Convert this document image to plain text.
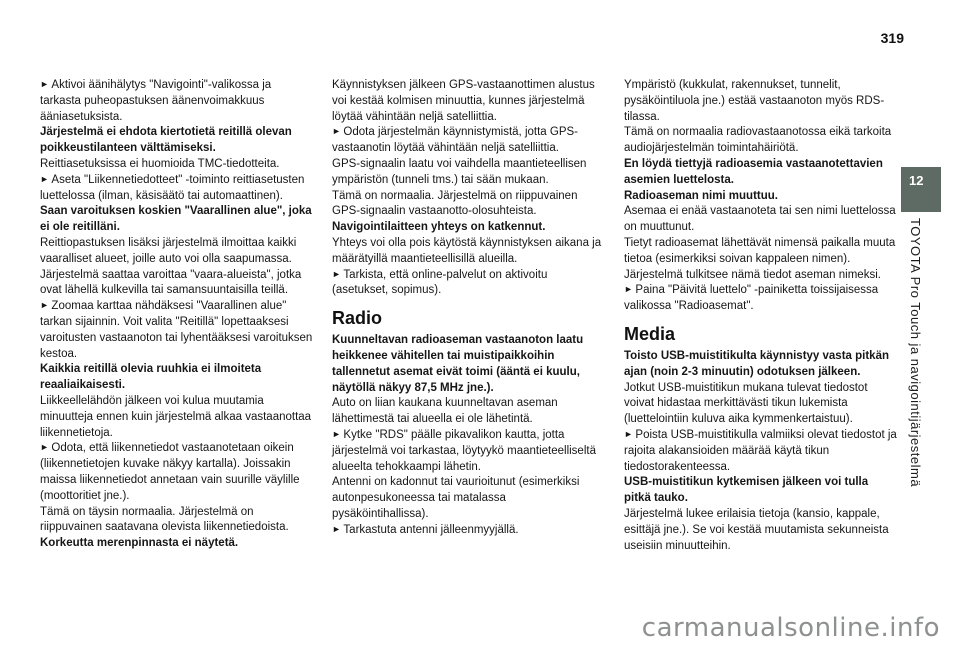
319

► Aktivoi äänihälytys "Navigointi"-valikossa ja tarkasta puheopastuksen äänenvoimakkuus ääniasetuksista.

Järjestelmä ei ehdota kiertotietä reitillä olevan poikkeustilanteen välttämiseksi.

Reittiasetuksissa ei huomioida TMC-tiedotteita.

► Aseta "Liikennetiedotteet" -toiminto reittiasetusten luettelossa (ilman, käsisäätö tai automaattinen).

Saan varoituksen koskien "Vaarallinen alue", joka ei ole reitilläni.

Reittiopastuksen lisäksi järjestelmä ilmoittaa kaikki vaaralliset alueet, joille auto voi olla saapumassa. Järjestelmä saattaa varoittaa "vaara-alueista", jotka ovat lähellä kulkevilla tai samansuuntaisilla teillä.

► Zoomaa karttaa nähdäksesi "Vaarallinen alue" tarkan sijainnin. Voit valita "Reitillä" lopettaaksesi varoitusten vastaanoton tai lyhentääksesi varoituksen kestoa.

Kaikkia reitillä olevia ruuhkia ei ilmoiteta reaaliaikaisesti.

Liikkeellelähdön jälkeen voi kulua muutamia minuutteja ennen kuin järjestelmä alkaa vastaanottaa liikennetietoja.

► Odota, että liikennetiedot vastaanotetaan oikein (liikennetietojen kuvake näkyy kartalla). Joissakin maissa liikennetiedot annetaan vain suurille väylille (moottoritiet jne.).

Tämä on täysin normaalia. Järjestelmä on riippuvainen saatavana olevista liikennetiedoista.

Korkeutta merenpinnasta ei näytetä.

Käynnistyksen jälkeen GPS-vastaanottimen alustus voi kestää kolmisen minuuttia, kunnes järjestelmä löytää vähintään neljä satelliittia.

► Odota järjestelmän käynnistymistä, jotta GPS-vastaanotin löytää vähintään neljä satelliittia.

GPS-signaalin laatu voi vaihdella maantieteellisen ympäristön (tunneli tms.) tai sään mukaan.

Tämä on normaalia. Järjestelmä on riippuvainen GPS-signaalin vastaanotto-olosuhteista.

Navigointilaitteen yhteys on katkennut.

Yhteys voi olla pois käytöstä käynnistyksen aikana ja määrätyillä maantieteellisillä alueilla.

► Tarkista, että online-palvelut on aktivoitu (asetukset, sopimus).

Radio

Kuunneltavan radioaseman vastaanoton laatu heikkenee vähitellen tai muistipaikkoihin tallennetut asemat eivät toimi (ääntä ei kuulu, näytöllä näkyy 87,5 MHz jne.).

Auto on liian kaukana kuunneltavan aseman lähettimestä tai alueella ei ole lähetintä.

► Kytke "RDS" päälle pikavalikon kautta, jotta järjestelmä voi tarkastaa, löytyykö maantieteelliseltä alueelta tehokkaampi lähetin.

Antenni on kadonnut tai vaurioitunut (esimerkiksi autonpesukoneessa tai matalassa pysäköintihallissa).

► Tarkastuta antenni jälleenmyyjällä.

Ympäristö (kukkulat, rakennukset, tunnelit, pysäköintiluola jne.) estää vastaanoton myös RDS-tilassa.

Tämä on normaalia radiovastaanotossa eikä tarkoita audiojärjestelmän toimintahäiriötä.

En löydä tiettyjä radioasemia vastaanotettavien asemien luettelosta.

Radioaseman nimi muuttuu.

Asemaa ei enää vastaanoteta tai sen nimi luettelossa on muuttunut.

Tietyt radioasemat lähettävät nimensä paikalla muuta tietoa (esimerkiksi soivan kappaleen nimen).

Järjestelmä tulkitsee nämä tiedot aseman nimeksi.

► Paina "Päivitä luettelo" -painiketta toissijaisessa valikossa "Radioasemat".

Media

Toisto USB-muistitikulta käynnistyy vasta pitkän ajan (noin 2-3 minuutin) odotuksen jälkeen.

Jotkut USB-muistitikun mukana tulevat tiedostot voivat hidastaa merkittävästi tikun lukemista (luettelointiin kuluva aika kymmenkertaistuu).

► Poista USB-muistitikulla valmiiksi olevat tiedostot ja rajoita alakansioiden määrää käytä tikun tiedostorakenteessa.

USB-muistitikun kytkemisen jälkeen voi tulla pitkä tauko.

Järjestelmä lukee erilaisia tietoja (kansio, kappale, esittäjä jne.). Se voi kestää muutamista sekunneista useisiin minuutteihin.

12
TOYOTA Pro Touch ja navigointijärjestelmä
carmanualsonline.info
